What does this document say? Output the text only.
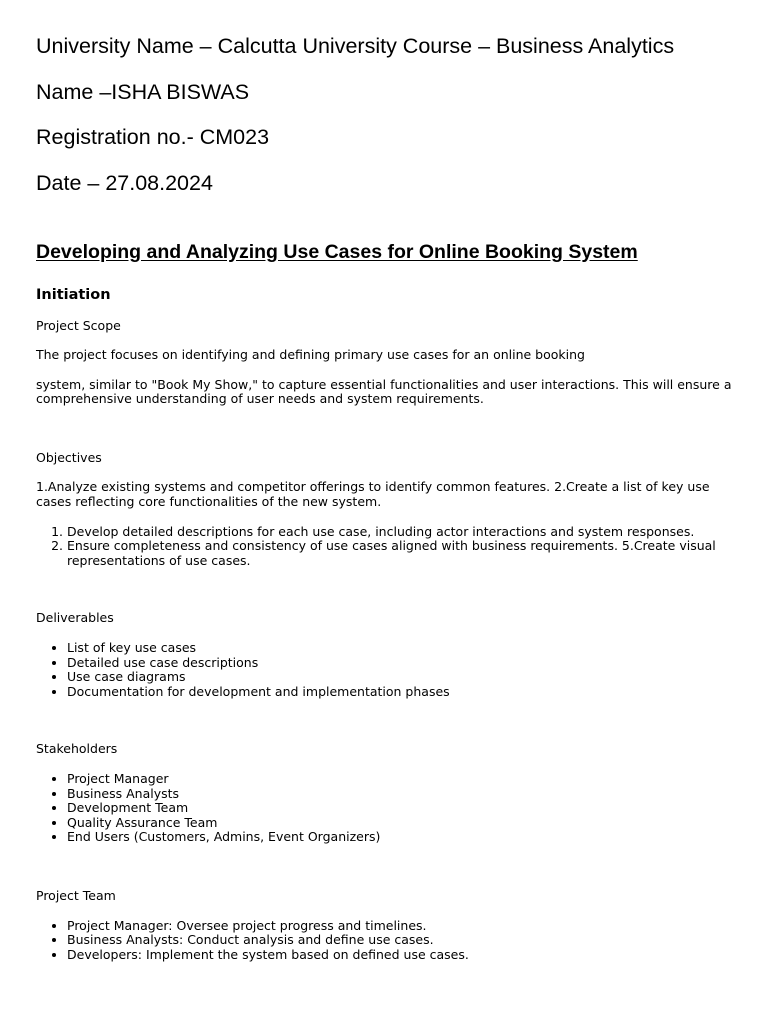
University Name – Calcutta University Course – Business Analytics
Name –ISHA BISWAS
Registration no.- CM023
Date – 27.08.2024
Developing and Analyzing Use Cases for Online Booking System
Initiation

Project Scope

The project focuses on identifying and defining primary use cases for an online booking

system, similar to "Book My Show," to capture essential functionalities and user interactions. This will ensure a comprehensive understanding of user needs and system requirements.

Objectives

1.Analyze existing systems and competitor offerings to identify common features. 2.Create a list of key use cases reflecting core functionalities of the new system.

1. Develop detailed descriptions for each use case, including actor interactions and system responses.
2. Ensure completeness and consistency of use cases aligned with business requirements. 5.Create visual representations of use cases.

Deliverables

• List of key use cases
• Detailed use case descriptions
• Use case diagrams
• Documentation for development and implementation phases

Stakeholders

• Project Manager
• Business Analysts
• Development Team
• Quality Assurance Team
• End Users (Customers, Admins, Event Organizers)

Project Team

• Project Manager: Oversee project progress and timelines.
• Business Analysts: Conduct analysis and define use cases.
• Developers: Implement the system based on defined use cases.
